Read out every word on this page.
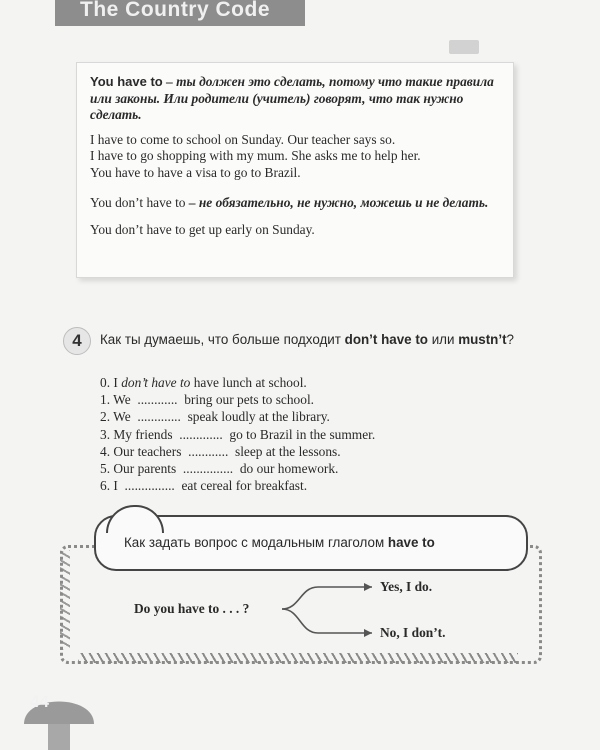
The Country Code

You have to – ты должен это сделать, потому что такие правила или законы. Или родители (учитель) говорят, что так нужно сделать.

I have to come to school on Sunday. Our teacher says so.

I have to go shopping with my mum. She asks me to help her.

You have to have a visa to go to Brazil.

You don’t have to – не обязательно, не нужно, можешь и не делать.

You don’t have to get up early on Sunday.

4	Как ты думаешь, что больше подходит don’t have to или mustn’t?
0. I don’t have to have lunch at school.
1. We  ............  bring our pets to school.
2. We  .............  speak loudly at the library.
3. My friends  .............  go to Brazil in the summer.
4. Our teachers  ............  sleep at the lessons.
5. Our parents  ...............  do our homework.
6. I  ...............  eat cereal for breakfast.
Как задать вопрос с модальным глаголом have to
Do you have to . . . ?
Yes, I do.
No, I don’t.
44
